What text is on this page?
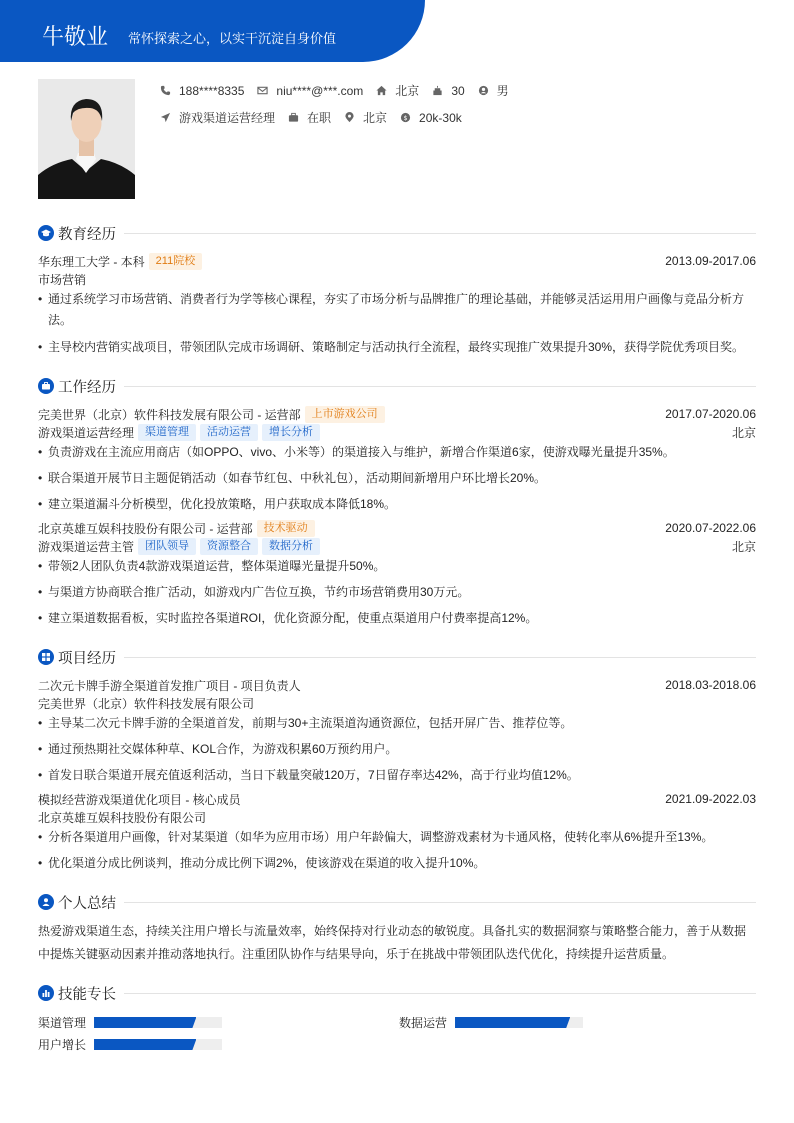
牛敬业 常怀探索之心，以实干沉淀自身价值
188****8335	niu****@***.com	北京	30	男
游戏渠道运营经理	在职	北京 $ 20k-30k
教育经历
华东理工大学 - 本科	211院校	2013.09-2017.06
市场营销
• 通过系统学习市场营销、消费者行为学等核心课程，夯实了市场分析与品牌推广的理论基础，并能够灵活运用用户画像与竞品分析方法。
• 主导校内营销实战项目，带领团队完成市场调研、策略制定与活动执行全流程，最终实现推广效果提升30%，获得学院优秀项目奖。
工作经历
完美世界（北京）软件科技发展有限公司 - 运营部	上市游戏公司	2017.07-2020.06
游戏渠道运营经理	渠道管理	活动运营	增长分析	北京
• 负责游戏在主流应用商店（如OPPO、vivo、小米等）的渠道接入与维护，新增合作渠道6家，使游戏曝光量提升35%。
• 联合渠道开展节日主题促销活动（如春节红包、中秋礼包），活动期间新增用户环比增长20%。
• 建立渠道漏斗分析模型，优化投放策略，用户获取成本降低18%。
北京英雄互娱科技股份有限公司 - 运营部	技术驱动	2020.07-2022.06
游戏渠道运营主管	团队领导	资源整合	数据分析	北京
• 带领2人团队负责4款游戏渠道运营，整体渠道曝光量提升50%。
• 与渠道方协商联合推广活动，如游戏内广告位互换，节约市场营销费用30万元。
• 建立渠道数据看板，实时监控各渠道ROI，优化资源分配，使重点渠道用户付费率提高12%。
项目经历
二次元卡牌手游全渠道首发推广项目 - 项目负责人	2018.03-2018.06
完美世界（北京）软件科技发展有限公司
• 主导某二次元卡牌手游的全渠道首发，前期与30+主流渠道沟通资源位，包括开屏广告、推荐位等。
• 通过预热期社交媒体种草、KOL合作，为游戏积累60万预约用户。
• 首发日联合渠道开展充值返利活动，当日下载量突破120万，7日留存率达42%，高于行业均值12%。
模拟经营游戏渠道优化项目 - 核心成员	2021.09-2022.03
北京英雄互娱科技股份有限公司
• 分析各渠道用户画像，针对某渠道（如华为应用市场）用户年龄偏大，调整游戏素材为卡通风格，使转化率从6%提升至13%。
• 优化渠道分成比例谈判，推动分成比例下调2%，使该游戏在渠道的收入提升10%。
个人总结
热爱游戏渠道生态，持续关注用户增长与流量效率，始终保持对行业动态的敏锐度。具备扎实的数据洞察与策略整合能力，善于从数据中提炼关键驱动因素并推动落地执行。注重团队协作与结果导向，乐于在挑战中带领团队迭代优化，持续提升运营质量。
技能专长
渠道管理	数据运营
用户增长
